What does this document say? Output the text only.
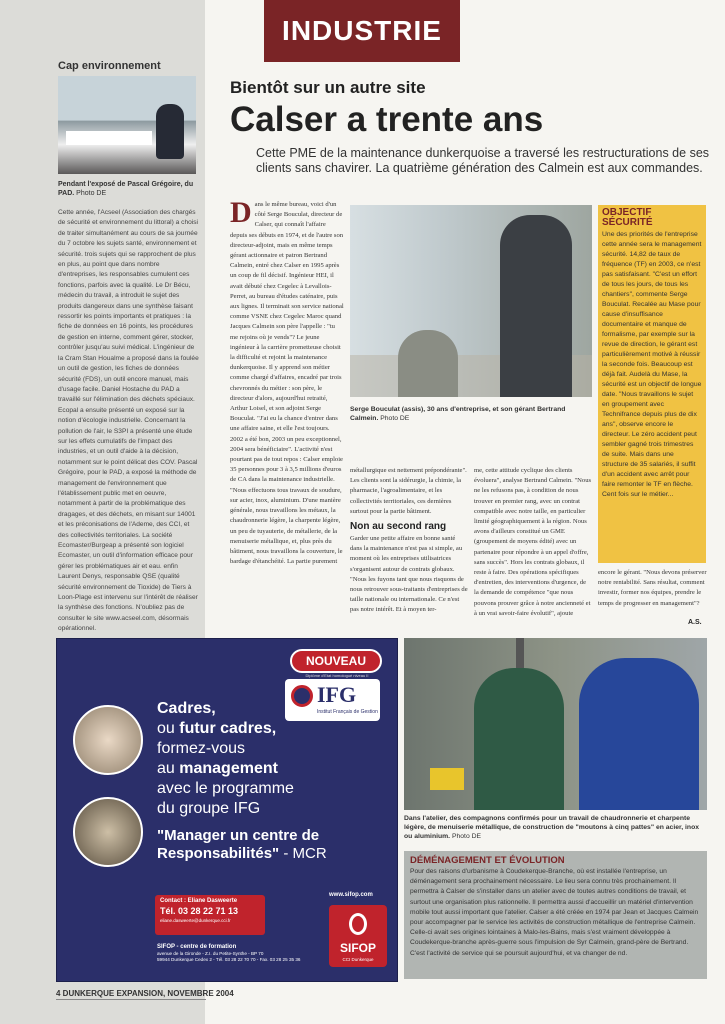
INDUSTRIE
Cap environnement
Pendant l'exposé de Pascal Grégoire, du PAD. Photo DE
Cette année, l'Acseel (Association des chargés de sécurité et environnement du littoral) a choisi de traiter simultanément au cours de sa journée du 7 octobre les sujets santé, environnement et sécurité. trois sujets qui se rapprochent de plus en plus, au point que dans nombre d'entreprises, les responsables cumulent ces fonctions, parfois avec la qualité. Le Dr Bécu, médecin du travail, a introduit le sujet des produits dangereux dans une synthèse faisant ressortir les points importants et pratiques : la fiche de données en 16 points, les procédures de gestion en interne, comment gérer, stocker, contrôler jusqu'au suivi médical. L'ingénieur de la Cram Stan Houalme a proposé dans la foulée un outil de gestion, les fiches de données sécurité (FDS), un outil encore manuel, mais d'usage facile. Daniel Hostache du PAD a travaillé sur l'élimination des déchets spéciaux. Ecopal a ensuite présenté un exposé sur la notion d'écologie industrielle. Concernant la pollution de l'air, le S3PI a présenté une étude sur les effets cumulatifs de l'impact des industries, et un outil d'aide à la décision, notamment sur le point délicat des COV. Pascal Grégoire, pour le PAD, a exposé la méthode de management de l'environnement que l'établissement public met en oeuvre, notamment à partir de la problématique des dragages, et des déchets, en misant sur 14001 et les préconisations de l'Ademe, des CCI, et des collectivités territoriales. La société Ecomaster/Burgeap a présenté son logiciel Ecomaster, un outil d'information efficace pour gérer les problématiques air et eau. enfin Laurent Denys, responsable QSE (qualité sécurité environnement de Tioxide) de Tiers à Loon-Plage est intervenu sur l'intérêt de réaliser la synthèse des fonctions. N'oubliez pas de consulter le site www.acseel.com, désormais opérationnel.
Bientôt sur un autre site
Calser a trente ans
Cette PME de la maintenance dunkerquoise a traversé les restructurations de ses clients sans chavirer. La quatrième génération des Calmein est aux commandes.
D ans le même bureau, voici d'un côté Serge Bouculat, directeur de Calser, qui connaît l'affaire depuis ses débuts en 1974, et de l'autre son directeur-adjoint, mais en même temps gérant actionnaire et patron Bertrand Calmein, entré chez Calser en 1995 après un coup de fil décisif. Ingénieur HEI, il avait débuté chez Cegelec à Levallois-Perret, au bureau d'études caténaire, puis aux lignes. Il terminait son service national comme VSNE chez Cegelec Maroc quand Jacques Calmein son père l'appelle : "tu me rejoins où je vends"? Le jeune ingénieur à la carrière prometteuse choisit la difficulté et rejoint la maintenance dunkerquoise. Il y apprend son métier comme chargé d'affaires, encadré par trois chevronnés du métier : son père, le directeur d'alors, aujourd'hui retraité, Arthur Loisel, et son adjoint Serge Bouculat. "J'ai eu la chance d'entrer dans une affaire saine, et elle l'est toujours. 2002 a été bon, 2003 un peu exceptionnel, 2004 sera bénéficiaire". L'activité n'est pourtant pas de tout repos : Calser emploie 35 personnes pour 3 à 3,5 millions d'euros de CA dans la maintenance industrielle. "Nous effectuons tous travaux de soudure, sur acier, inox, aluminium. D'une manière générale, nous travaillons les métaux, la chaudronnerie légère, la charpente légère, un peu de tuyauterie, de métallerie, de la menuiserie métallique, et, plus près du bâtiment, nous travaillons la couverture, le bardage d'étanchéité. La partie purement
Serge Bouculat (assis), 30 ans d'entreprise, et son gérant Bertrand Calmein. Photo DE
métallurgique est nettement prépondérante". Les clients sont la sidérurgie, la chimie, la pharmacie, l'agroalimentaire, et les collectivités territoriales, ces dernières surtout pour la partie bâtiment.
Non au second rang
Garder une petite affaire en bonne santé dans la maintenance n'est pas si simple, au moment où les entreprises utilisatrices s'organisent autour de contrats globaux. "Nous les fuyons tant que nous risquons de nous retrouver sous-traitants d'entreprises de taille nationale ou internationale. Ce n'est pas notre intérêt. Et à moyen ter-
me, cette attitude cyclique des clients évoluera", analyse Bertrand Calmein. "Nous ne les refusons pas, à condition de nous trouver en premier rang, avec un contrat compatible avec notre taille, en particulier limité géographiquement à la région. Nous avons d'ailleurs constitué un GME (groupement de moyens édité) avec un partenaire pour répondre à un appel d'offre, sans succès". Hors les contrats globaux, il reste à faire. Des opérations spécifiques d'entretien, des interventions d'urgence, de la demande de compétence "que nous pouvons prouver grâce à notre ancienneté et à un vrai savoir-faire évolutif", ajoute
OBJECTIF SÉCURITÉ
Une des priorités de l'entreprise cette année sera le management sécurité. 14,82 de taux de fréquence (TF) en 2003, ce n'est pas satisfaisant. "C'est un effort de tous les jours, de tous les chantiers", commente Serge Bouculat. Recalée au Mase pour cause d'insuffisance documentaire et manque de formalisme, par exemple sur la revue de direction, le gérant est particulièrement motivé à réussir la seconde fois. Beaucoup est déjà fait. Audelà du Mase, la sécurité est un objectif de longue date. "Nous travaillons le sujet en groupement avec Technifrance depuis plus de dix ans", observe encore le directeur. Le zéro accident peut sembler gagné trois trimestres de suite. Mais dans une structure de 35 salariés, il suffit d'un accident avec arrêt pour faire remonter le TF en flèche. Cent fois sur le métier...
encore le gérant. "Nous devons préserver notre rentabilité. Sans résultat, comment investir, former nos équipes, prendre le temps de progresser en management"?
A.S.
NOUVEAU
Diplôme d'Etat homologué niveau II
IFG
Institut Français de Gestion
Cadres,
ou futur cadres,
formez-vous
au management
avec le programme
du groupe IFG
"Manager un centre de Responsabilités" - MCR
Contact : Eliane Dasweerte
Tél. 03 28 22 71 13
eliane.dasweerte@dunkerque.cci.fr
www.sifop.com
SIFOP
CCI Dunkerque
SIFOP - centre de formation
avenue de la Gironde - Z.I. du Petite-Synthe - BP 70
59944 Dunkerque Cedex 2 - Tél. 03 28 22 70 70 - Fax. 03 28 25 35 36
Dans l'atelier, des compagnons confirmés pour un travail de chaudronnerie et charpente légère, de menuiserie métallique, de construction de "moutons à cinq pattes" en acier, inox ou aluminium. Photo DE
DÉMÉNAGEMENT ET ÉVOLUTION
Pour des raisons d'urbanisme à Coudekerque-Branche, où est installée l'entreprise, un déménagement sera prochainement nécessaire. Le lieu sera connu très prochainement. Il permettra à Calser de s'installer dans un atelier avec de toutes autres conditions de travail, et surtout une organisation plus rationnelle. Il permettra aussi d'accueillir un matériel d'intervention mobile tout aussi important que l'atelier. Calser a été créée en 1974 par Jean et Jacques Calmein pour accompagner par le service les activités de construction métallique de l'entreprise Calmein. Celle-ci avait ses origines lointaines à Malo-les-Bains, mais s'est vraiment développée à Coudekerque-branche après-guerre sous l'impulsion de Syr Calmein, grand-père de Bertrand. C'est l'activité de service qui se poursuit aujourd'hui, et va changer de nd.
4 DUNKERQUE EXPANSION, NOVEMBRE 2004
